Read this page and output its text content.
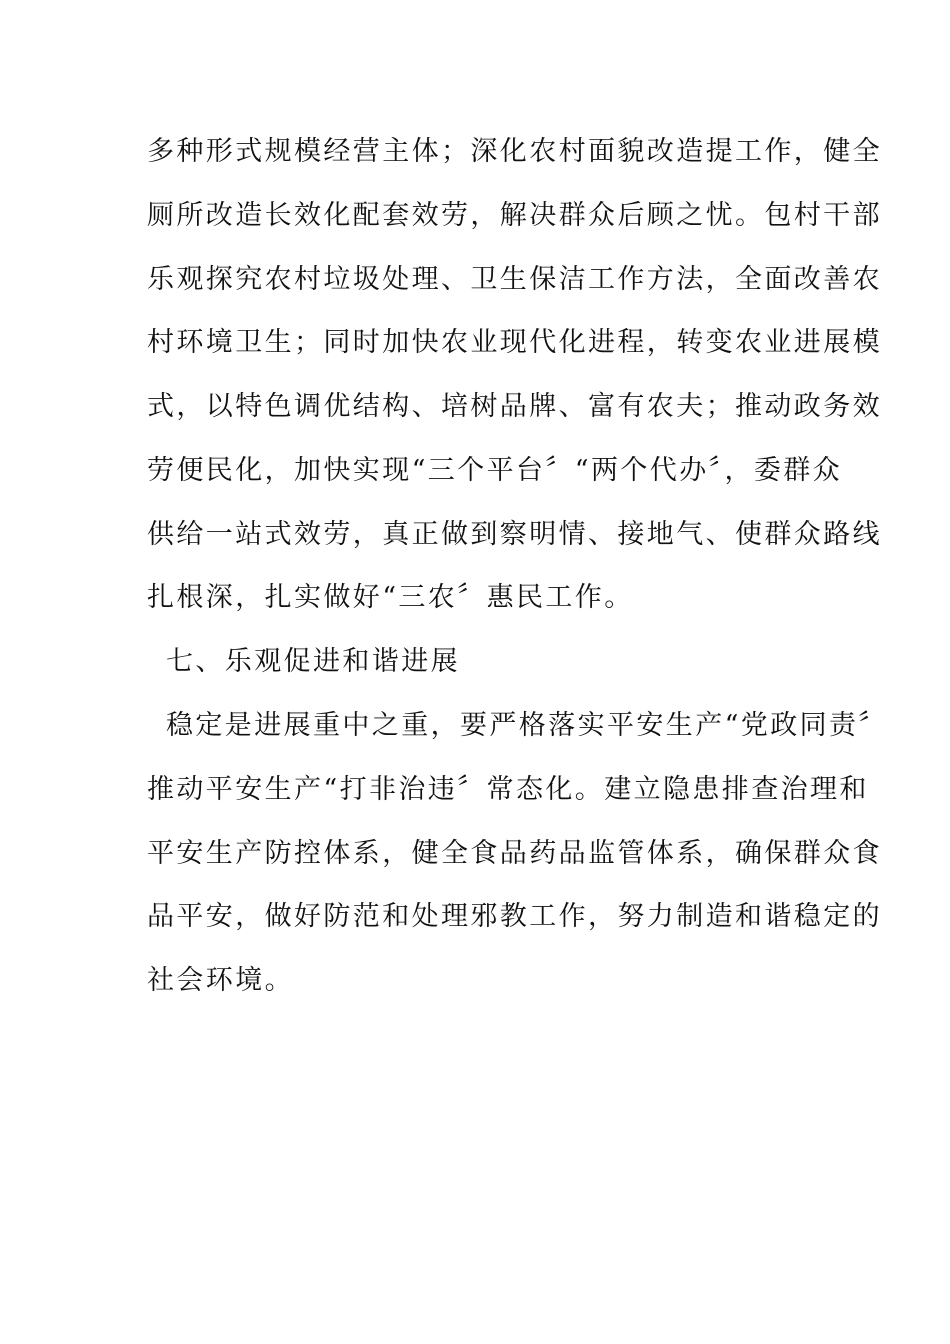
多种形式规模经营主体；深化农村面貌改造提工作，健全
厕所改造长效化配套效劳，解决群众后顾之忧。包村干部
乐观探究农村垃圾处理、卫生保洁工作方法，全面改善农
村环境卫生；同时加快农业现代化进程，转变农业进展模
式，以特色调优结构、培树品牌、富有农夫；推动政务效
劳便民化，加快实现“三个平台〞“两个代办〞，委群众
供给一站式效劳，真正做到察明情、接地气、使群众路线
扎根深，扎实做好“三农〞惠民工作。
七、乐观促进和谐进展
稳定是进展重中之重，要严格落实平安生产“党政同责〞
推动平安生产“打非治违〞常态化。建立隐患排查治理和
平安生产防控体系，健全食品药品监管体系，确保群众食
品平安，做好防范和处理邪教工作，努力制造和谐稳定的
社会环境。
